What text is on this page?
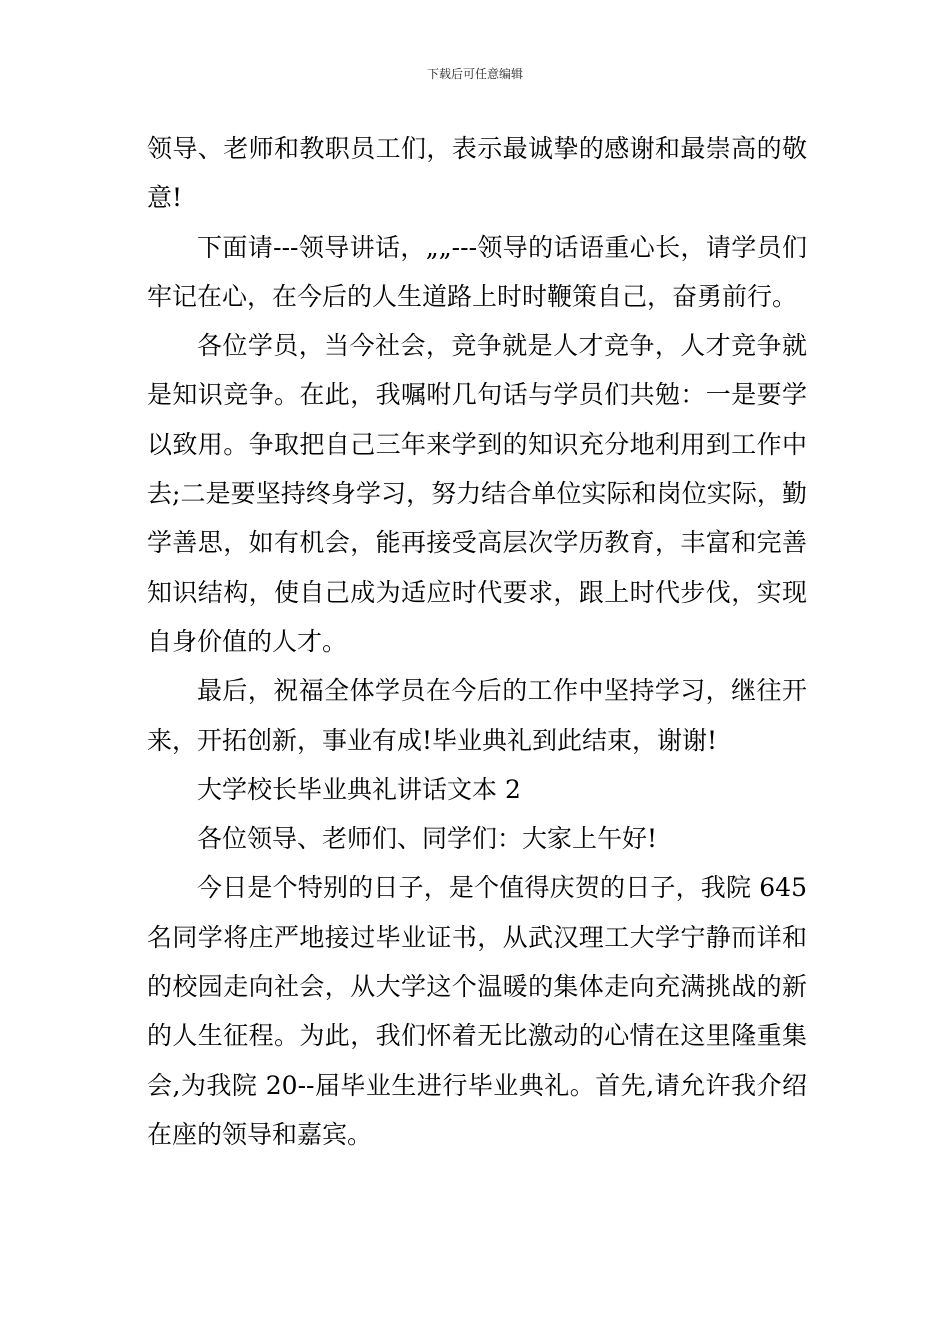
下载后可任意编辑

领导、老师和教职员工们，表示最诚挚的感谢和最崇高的敬意!

下面请---领导讲话，„„---领导的话语重心长，请学员们牢记在心，在今后的人生道路上时时鞭策自己，奋勇前行。

各位学员，当今社会，竞争就是人才竞争，人才竞争就是知识竞争。在此，我嘱咐几句话与学员们共勉：一是要学以致用。争取把自己三年来学到的知识充分地利用到工作中去;二是要坚持终身学习，努力结合单位实际和岗位实际，勤学善思，如有机会，能再接受高层次学历教育，丰富和完善知识结构，使自己成为适应时代要求，跟上时代步伐，实现自身价值的人才。

最后，祝福全体学员在今后的工作中坚持学习，继往开来，开拓创新，事业有成!毕业典礼到此结束，谢谢!

大学校长毕业典礼讲话文本 2

各位领导、老师们、同学们：大家上午好!

今日是个特别的日子，是个值得庆贺的日子，我院 645 名同学将庄严地接过毕业证书，从武汉理工大学宁静而详和的校园走向社会，从大学这个温暖的集体走向充满挑战的新的人生征程。为此，我们怀着无比激动的心情在这里隆重集会,为我院 20--届毕业生进行毕业典礼。首先,请允许我介绍在座的领导和嘉宾。
